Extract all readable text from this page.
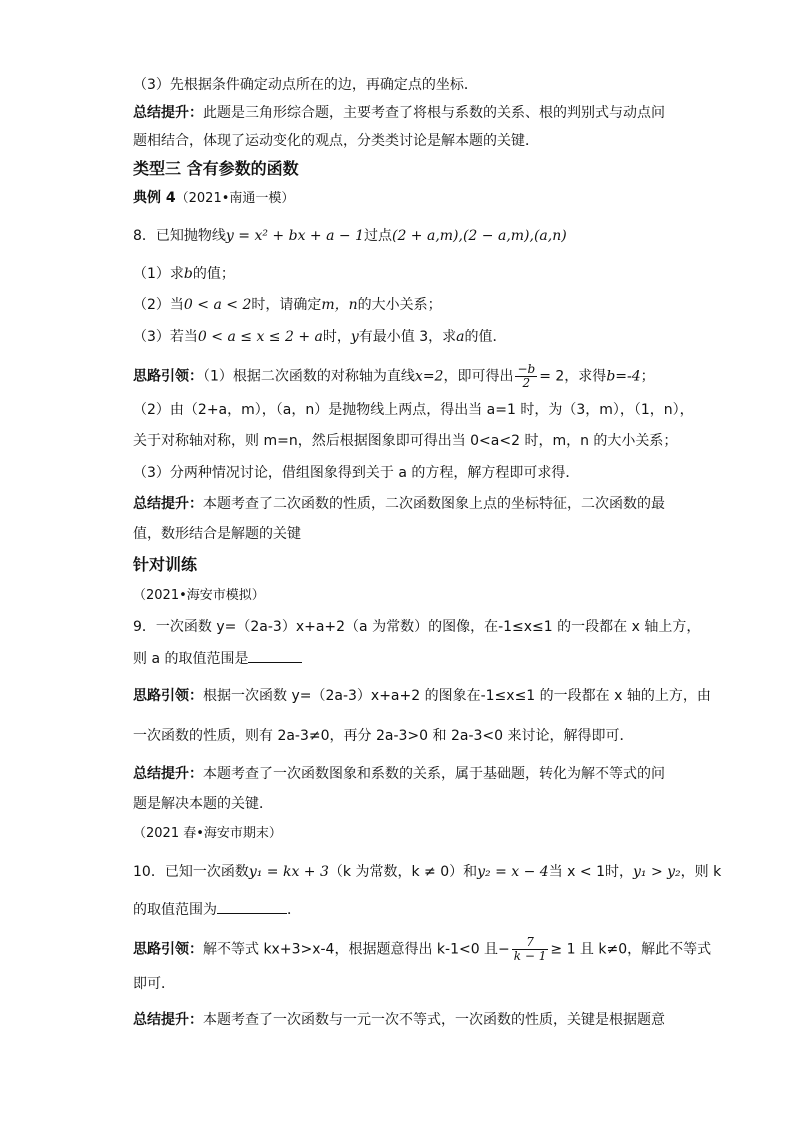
（3）先根据条件确定动点所在的边，再确定点的坐标．
总结提升：此题是三角形综合题，主要考查了将根与系数的关系、根的判别式与动点问
题相结合，体现了运动变化的观点，分类类讨论是解本题的关键．
类型三 含有参数的函数
典例 4（2021•南通一模）
8．已知抛物线y = x² + bx + a − 1过点(2 + a,m),(2 − a,m),(a,n)
（1）求b的值；
（2）当0 < a < 2时，请确定m，n的大小关系；
（3）若当0 < a ≤ x ≤ 2 + a时，y有最小值 3，求a的值．
思路引领：（1）根据二次函数的对称轴为直线x=2，即可得出 $\frac{-b}{2} = 2$，求得b=-4；
（2）由（2+a，m），（a，n）是抛物线上两点，得出当 a=1 时，为（3，m），（1，n），
关于对称轴对称，则 m=n，然后根据图象即可得出当 0<a<2 时，m，n 的大小关系；
（3）分两种情况讨论，借组图象得到关于 a 的方程，解方程即可求得．
总结提升：本题考查了二次函数的性质，二次函数图象上点的坐标特征，二次函数的最
值，数形结合是解题的关键
针对训练
（2021•海安市模拟）
9．一次函数 y=（2a-3）x+a+2（a 为常数）的图像，在-1≤x≤1 的一段都在 x 轴上方，
则 a 的取值范围是
思路引领：根据一次函数 y=（2a-3）x+a+2 的图象在-1≤x≤1 的一段都在 x 轴的上方，由
一次函数的性质，则有 2a-3≠0，再分 2a-3>0 和 2a-3<0 来讨论，解得即可．
总结提升：本题考查了一次函数图象和系数的关系，属于基础题，转化为解不等式的问
题是解决本题的关键．
（2021 春•海安市期末）
10．已知一次函数y₁ = kx + 3（k 为常数，k ≠ 0）和y₂ = x − 4当 x < 1时，y₁ > y₂，则 k
的取值范围为	．
思路引领：解不等式 kx+3>x-4，根据题意得出 k-1<0 且− $\frac{7}{k - 1} \ge 1$ 且 k≠0，解此不等式
即可．
总结提升：本题考查了一次函数与一元一次不等式，一次函数的性质，关键是根据题意
